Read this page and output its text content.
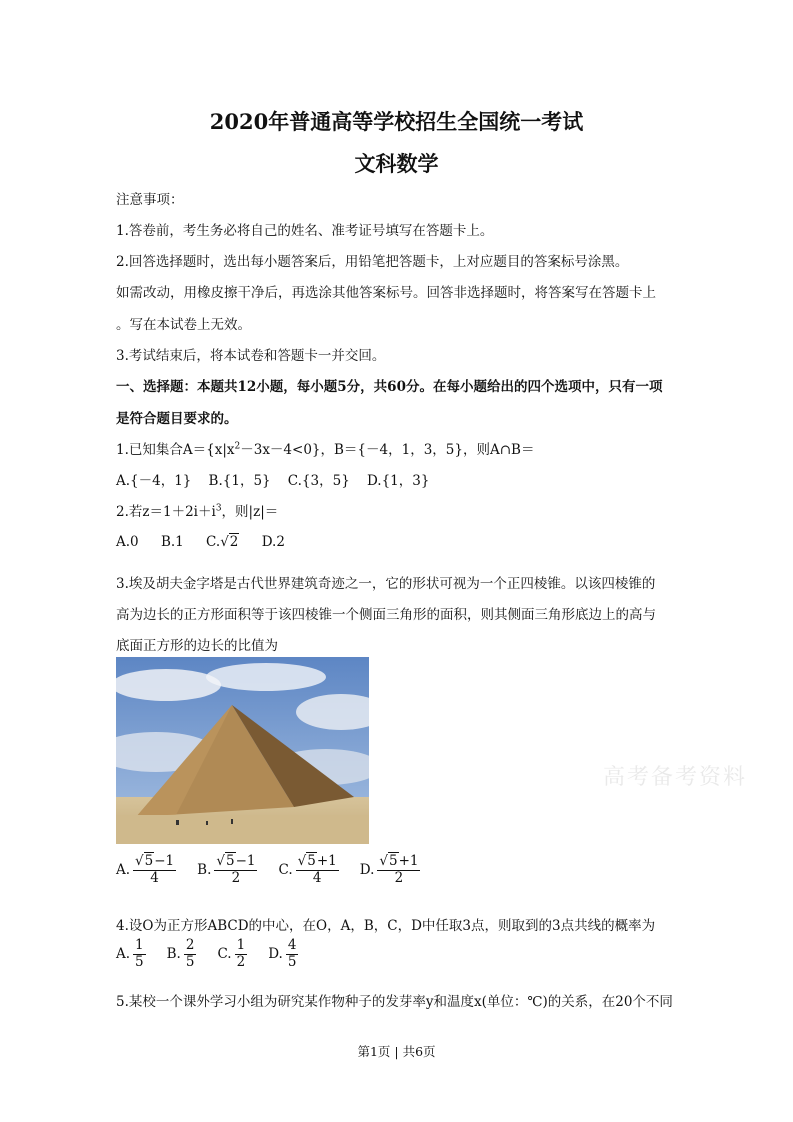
2020年普通高等学校招生全国统一考试
文科数学
注意事项：
1.答卷前，考生务必将自己的姓名、准考证号填写在答题卡上。
2.回答选择题时，选出每小题答案后，用铅笔把答题卡，上对应题目的答案标号涂黑。
如需改动，用橡皮擦干净后，再选涂其他答案标号。回答非选择题时，将答案写在答题卡上
。写在本试卷上无效。
3.考试结束后，将本试卷和答题卡一并交回。
一、选择题：本题共12小题，每小题5分，共60分。在每小题给出的四个选项中，只有一项
是符合题目要求的。
1.已知集合$A=\{x|x^2-3x-4<0\}$，B＝{－4，1，3，5}，则A∩B＝
A.{－4，1}    B.{1，5}    C.{3，5}    D.{1，3}
2.若$z=1+2i+i^3$，则|z|＝
A.0 B.1 C. √2 D.2
3.埃及胡夫金字塔是古代世界建筑奇迹之一，它的形状可视为一个正四棱锥。以该四棱锥的
高为边长的正方形面积等于该四棱锥一个侧面三角形的面积，则其侧面三角形底边上的高与
底面正方形的边长的比值为
A. $\frac{√5-1}{4} B$. $\frac{√5-1}{2} C$. $\frac{√5+1}{4} D$. $\frac{√5+1}{2}$
4.设O为正方形ABCD的中心，在O，A，B，C，D中任取3点，则取到的3点共线的概率为
A. $\frac{1}{5} B$. $\frac{2}{5} C$. $\frac{1}{2} D$. $\frac{4}{5}$
5.某校一个课外学习小组为研究某作物种子的发芽率y和温度x(单位：℃)的关系，在20个不同
高考备考资料
第1页 | 共6页
